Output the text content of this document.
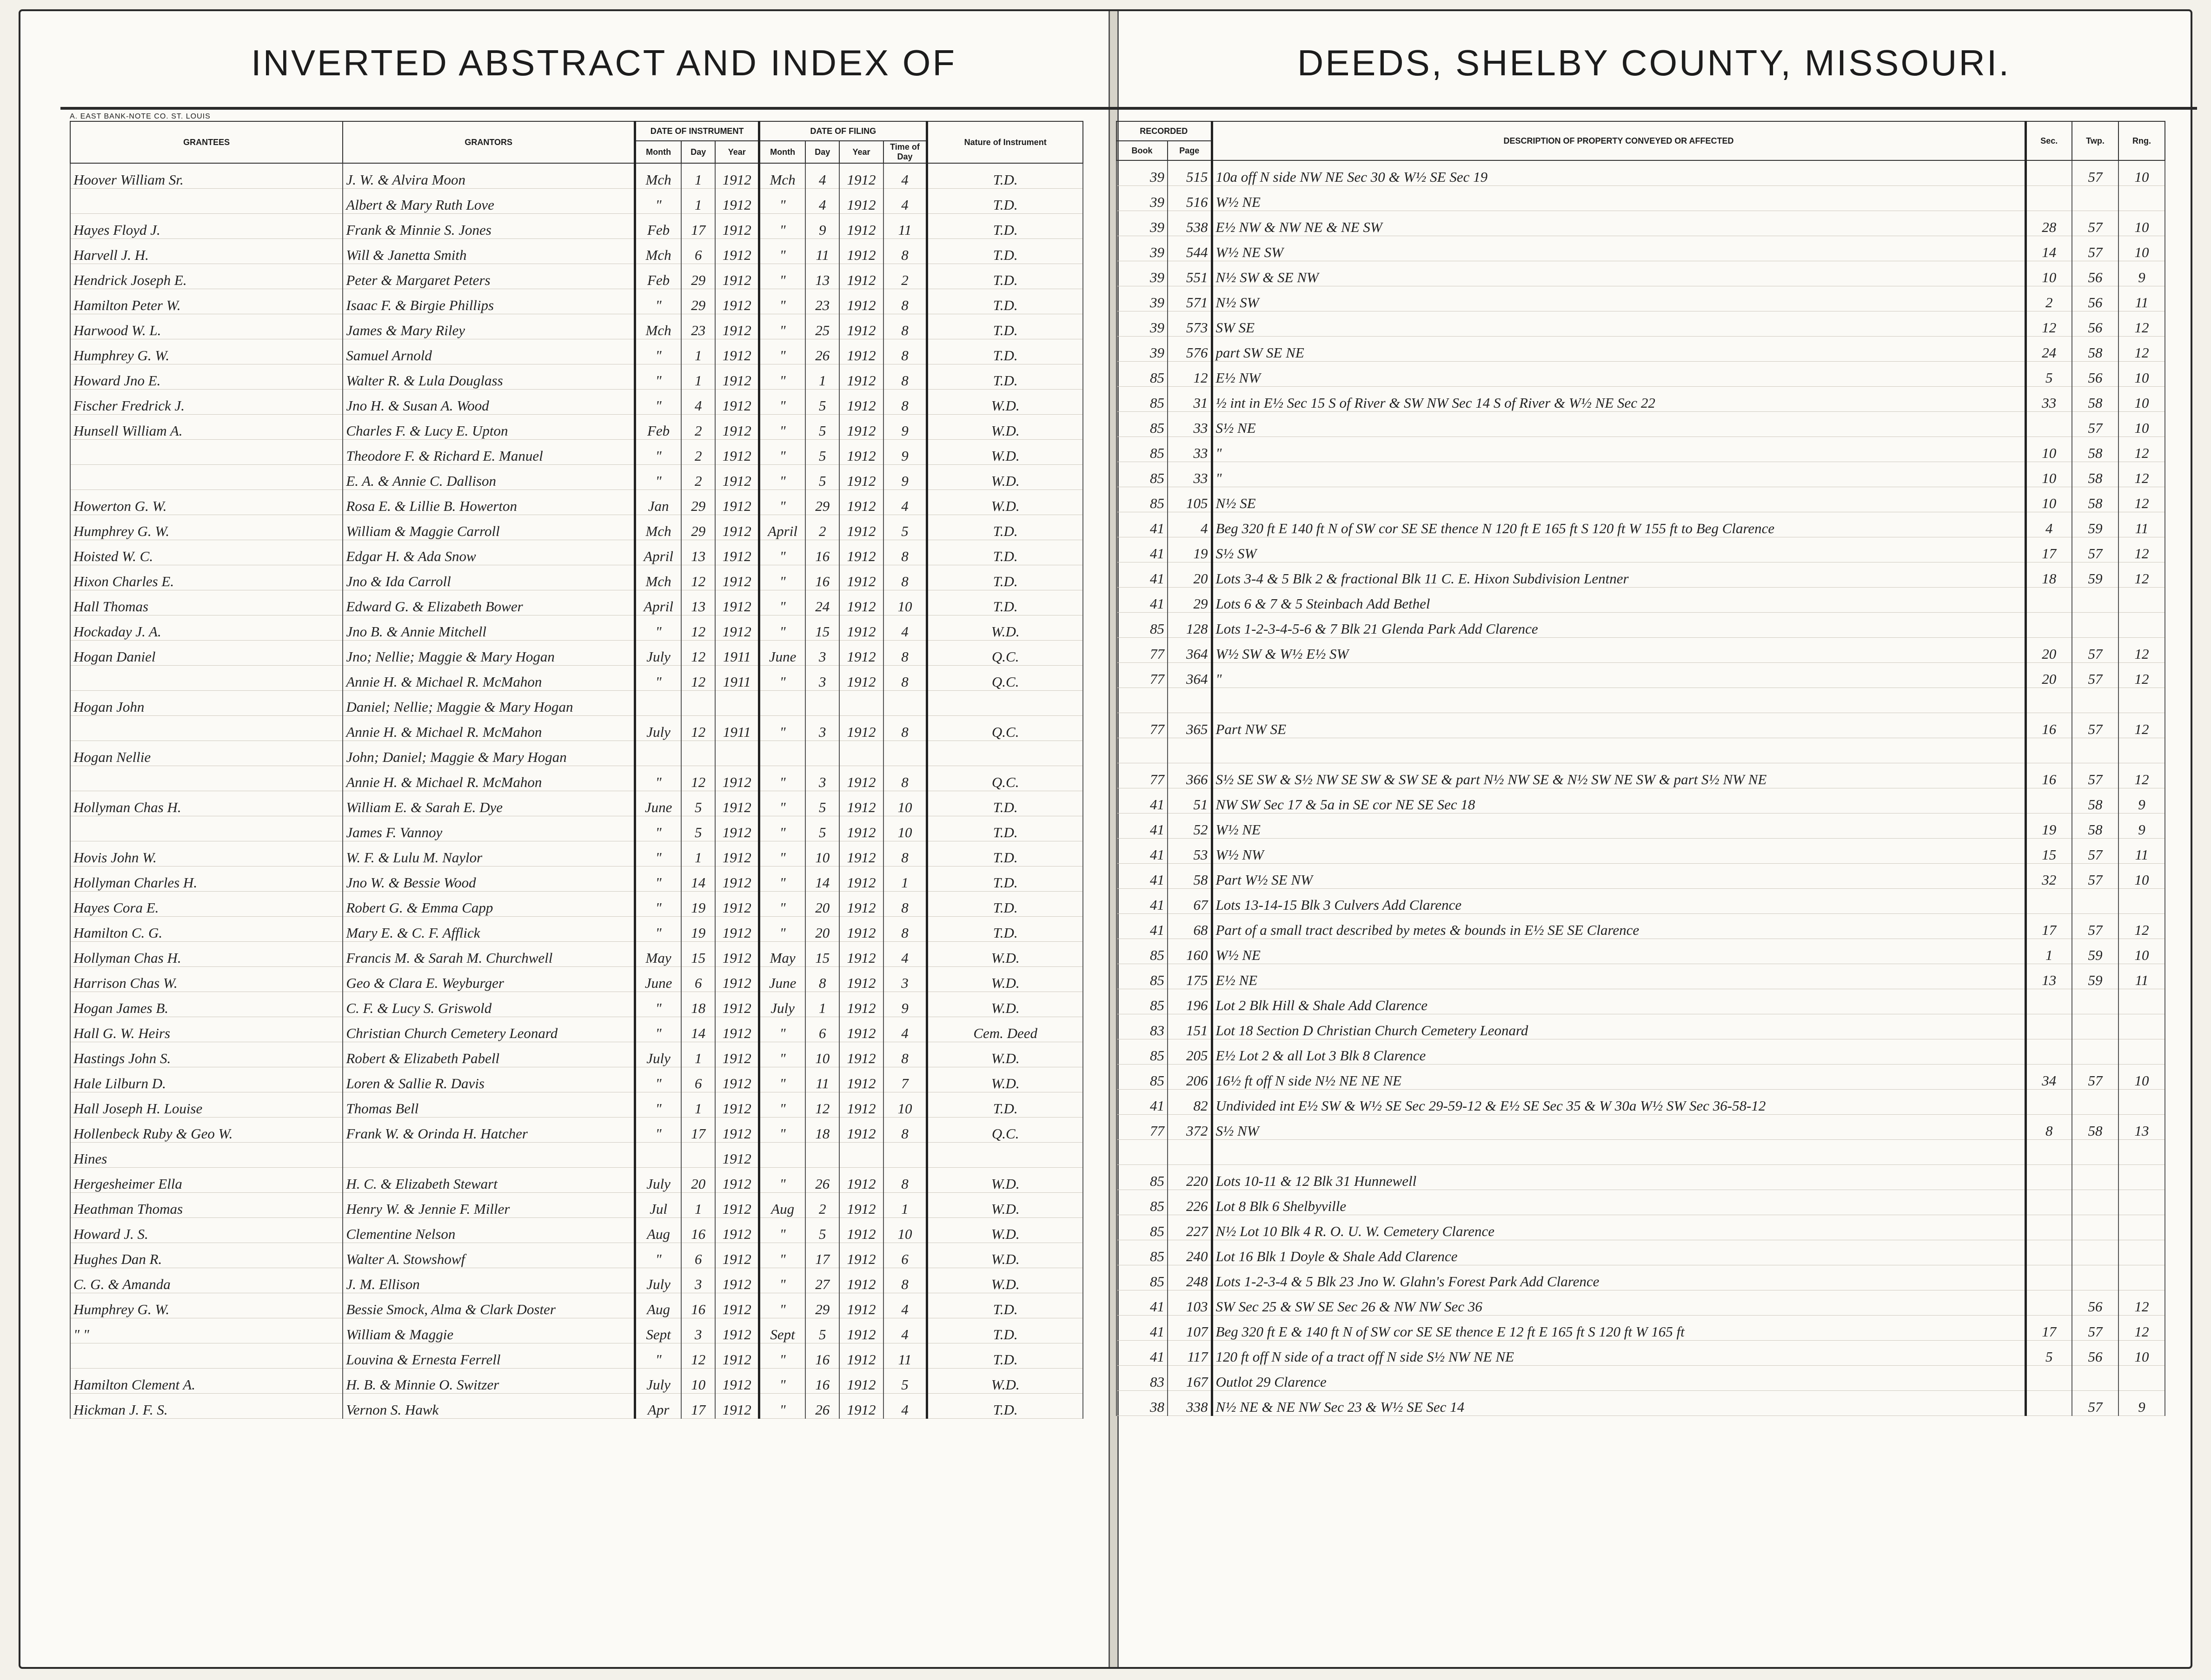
INVERTED ABSTRACT AND INDEX OF	DEEDS, SHELBY COUNTY, MISSOURI.
A. EAST BANK-NOTE CO. ST. LOUIS
GRANTEES	GRANTORS	DATE OF INSTRUMENT			DATE OF FILING				Nature of Instrument
		Month	Day	Year	Month	Day	Year	Time of Day	
Hoover William Sr.	J. W. & Alvira Moon	Mch	1	1912	Mch	4	1912	4	T.D.
	Albert & Mary Ruth Love	"	1	1912	"	4	1912	4	T.D.
Hayes Floyd J.	Frank & Minnie S. Jones	Feb	17	1912	"	9	1912	11	T.D.
Harvell J. H.	Will & Janetta Smith	Mch	6	1912	"	11	1912	8	T.D.
Hendrick Joseph E.	Peter & Margaret Peters	Feb	29	1912	"	13	1912	2	T.D.
Hamilton Peter W.	Isaac F. & Birgie Phillips	"	29	1912	"	23	1912	8	T.D.
Harwood W. L.	James & Mary Riley	Mch	23	1912	"	25	1912	8	T.D.
Humphrey G. W.	Samuel Arnold	"	1	1912	"	26	1912	8	T.D.
Howard Jno E.	Walter R. & Lula Douglass	"	1	1912	"	1	1912	8	T.D.
Fischer Fredrick J.	Jno H. & Susan A. Wood	"	4	1912	"	5	1912	8	W.D.
Hunsell William A.	Charles F. & Lucy E. Upton	Feb	2	1912	"	5	1912	9	W.D.
	Theodore F. & Richard E. Manuel	"	2	1912	"	5	1912	9	W.D.
	E. A. & Annie C. Dallison	"	2	1912	"	5	1912	9	W.D.
Howerton G. W.	Rosa E. & Lillie B. Howerton	Jan	29	1912	"	29	1912	4	W.D.
Humphrey G. W.	William & Maggie Carroll	Mch	29	1912	April	2	1912	5	T.D.
Hoisted W. C.	Edgar H. & Ada Snow	April	13	1912	"	16	1912	8	T.D.
Hixon Charles E.	Jno & Ida Carroll	Mch	12	1912	"	16	1912	8	T.D.
Hall Thomas	Edward G. & Elizabeth Bower	April	13	1912	"	24	1912	10	T.D.
Hockaday J. A.	Jno B. & Annie Mitchell	"	12	1912	"	15	1912	4	W.D.
Hogan Daniel	Jno; Nellie; Maggie & Mary Hogan	July	12	1911	June	3	1912	8	Q.C.
	Annie H. & Michael R. McMahon	"	12	1911	"	3	1912	8	Q.C.
Hogan John	Daniel; Nellie; Maggie & Mary Hogan								
	Annie H. & Michael R. McMahon	July	12	1911	"	3	1912	8	Q.C.
Hogan Nellie	John; Daniel; Maggie & Mary Hogan								
	Annie H. & Michael R. McMahon	"	12	1912	"	3	1912	8	Q.C.
Hollyman Chas H.	William E. & Sarah E. Dye	June	5	1912	"	5	1912	10	T.D.
	James F. Vannoy	"	5	1912	"	5	1912	10	T.D.
Hovis John W.	W. F. & Lulu M. Naylor	"	1	1912	"	10	1912	8	T.D.
Hollyman Charles H.	Jno W. & Bessie Wood	"	14	1912	"	14	1912	1	T.D.
Hayes Cora E.	Robert G. & Emma Capp	"	19	1912	"	20	1912	8	T.D.
Hamilton C. G.	Mary E. & C. F. Afflick	"	19	1912	"	20	1912	8	T.D.
Hollyman Chas H.	Francis M. & Sarah M. Churchwell	May	15	1912	May	15	1912	4	W.D.
Harrison Chas W.	Geo & Clara E. Weyburger	June	6	1912	June	8	1912	3	W.D.
Hogan James B.	C. F. & Lucy S. Griswold	"	18	1912	July	1	1912	9	W.D.
Hall G. W. Heirs	Christian Church Cemetery Leonard	"	14	1912	"	6	1912	4	Cem. Deed
Hastings John S.	Robert & Elizabeth Pabell	July	1	1912	"	10	1912	8	W.D.
Hale Lilburn D.	Loren & Sallie R. Davis	"	6	1912	"	11	1912	7	W.D.
Hall Joseph H. Louise	Thomas Bell	"	1	1912	"	12	1912	10	T.D.
Hollenbeck Ruby & Geo W.	Frank W. & Orinda H. Hatcher	"	17	1912	"	18	1912	8	Q.C.
Hines				1912					
Hergesheimer Ella	H. C. & Elizabeth Stewart	July	20	1912	"	26	1912	8	W.D.
Heathman Thomas	Henry W. & Jennie F. Miller	Jul	1	1912	Aug	2	1912	1	W.D.
Howard J. S.	Clementine Nelson	Aug	16	1912	"	5	1912	10	W.D.
Hughes Dan R.	Walter A. Stowshowf	"	6	1912	"	17	1912	6	W.D.
C. G. & Amanda	J. M. Ellison	July	3	1912	"	27	1912	8	W.D.
Humphrey G. W.	Bessie Smock, Alma & Clark Doster	Aug	16	1912	"	29	1912	4	T.D.
" "	William & Maggie	Sept	3	1912	Sept	5	1912	4	T.D.
	Louvina & Ernesta Ferrell	"	12	1912	"	16	1912	11	T.D.
Hamilton Clement A.	H. B. & Minnie O. Switzer	July	10	1912	"	16	1912	5	W.D.
Hickman J. F. S.	Vernon S. Hawk	Apr	17	1912	"	26	1912	4	T.D.
RECORDED		DESCRIPTION OF PROPERTY CONVEYED OR AFFECTED	Sec.	Twp.	Rng.
Book	Page				
39	515	10a off N side NW NE Sec 30 & W½ SE Sec 19		57	10
39	516	W½ NE			
39	538	E½ NW & NW NE & NE SW	28	57	10
39	544	W½ NE SW	14	57	10
39	551	N½ SW & SE NW	10	56	9
39	571	N½ SW	2	56	11
39	573	SW SE	12	56	12
39	576	part SW SE NE	24	58	12
85	12	E½ NW	5	56	10
85	31	½ int in E½ Sec 15 S of River & SW NW Sec 14 S of River & W½ NE Sec 22	33	58	10
85	33	S½ NE		57	10
85	33	"	10	58	12
85	33	"	10	58	12
85	105	N½ SE	10	58	12
41	4	Beg 320 ft E 140 ft N of SW cor SE SE thence N 120 ft E 165 ft S 120 ft W 155 ft to Beg Clarence	4	59	11
41	19	S½ SW	17	57	12
41	20	Lots 3-4 & 5 Blk 2 & fractional Blk 11 C. E. Hixon Subdivision Lentner	18	59	12
41	29	Lots 6 & 7 & 5 Steinbach Add Bethel			
85	128	Lots 1-2-3-4-5-6 & 7 Blk 21 Glenda Park Add Clarence			
77	364	W½ SW & W½ E½ SW	20	57	12
77	364	"	20	57	12

77	365	Part NW SE	16	57	12

77	366	S½ SE SW & S½ NW SE SW & SW SE & part N½ NW SE & N½ SW NE SW & part S½ NW NE	16	57	12
41	51	NW SW Sec 17 & 5a in SE cor NE SE Sec 18		58	9
41	52	W½ NE	19	58	9
41	53	W½ NW	15	57	11
41	58	Part W½ SE NW	32	57	10
41	67	Lots 13-14-15 Blk 3 Culvers Add Clarence			
41	68	Part of a small tract described by metes & bounds in E½ SE SE Clarence	17	57	12
85	160	W½ NE	1	59	10
85	175	E½ NE	13	59	11
85	196	Lot 2 Blk Hill & Shale Add Clarence			
83	151	Lot 18 Section D Christian Church Cemetery Leonard			
85	205	E½ Lot 2 & all Lot 3 Blk 8 Clarence			
85	206	16½ ft off N side N½ NE NE NE	34	57	10
41	82	Undivided int E½ SW & W½ SE Sec 29-59-12 & E½ SE Sec 35 & W 30a W½ SW Sec 36-58-12			
77	372	S½ NW	8	58	13

85	220	Lots 10-11 & 12 Blk 31 Hunnewell			
85	226	Lot 8 Blk 6 Shelbyville			
85	227	N½ Lot 10 Blk 4 R. O. U. W. Cemetery Clarence			
85	240	Lot 16 Blk 1 Doyle & Shale Add Clarence			
85	248	Lots 1-2-3-4 & 5 Blk 23 Jno W. Glahn's Forest Park Add Clarence			
41	103	SW Sec 25 & SW SE Sec 26 & NW NW Sec 36		56	12
41	107	Beg 320 ft E & 140 ft N of SW cor SE SE thence E 12 ft E 165 ft S 120 ft W 165 ft	17	57	12
41	117	120 ft off N side of a tract off N side S½ NW NE NE	5	56	10
83	167	Outlot 29 Clarence			
38	338	N½ NE & NE NW Sec 23 & W½ SE Sec 14		57	9
